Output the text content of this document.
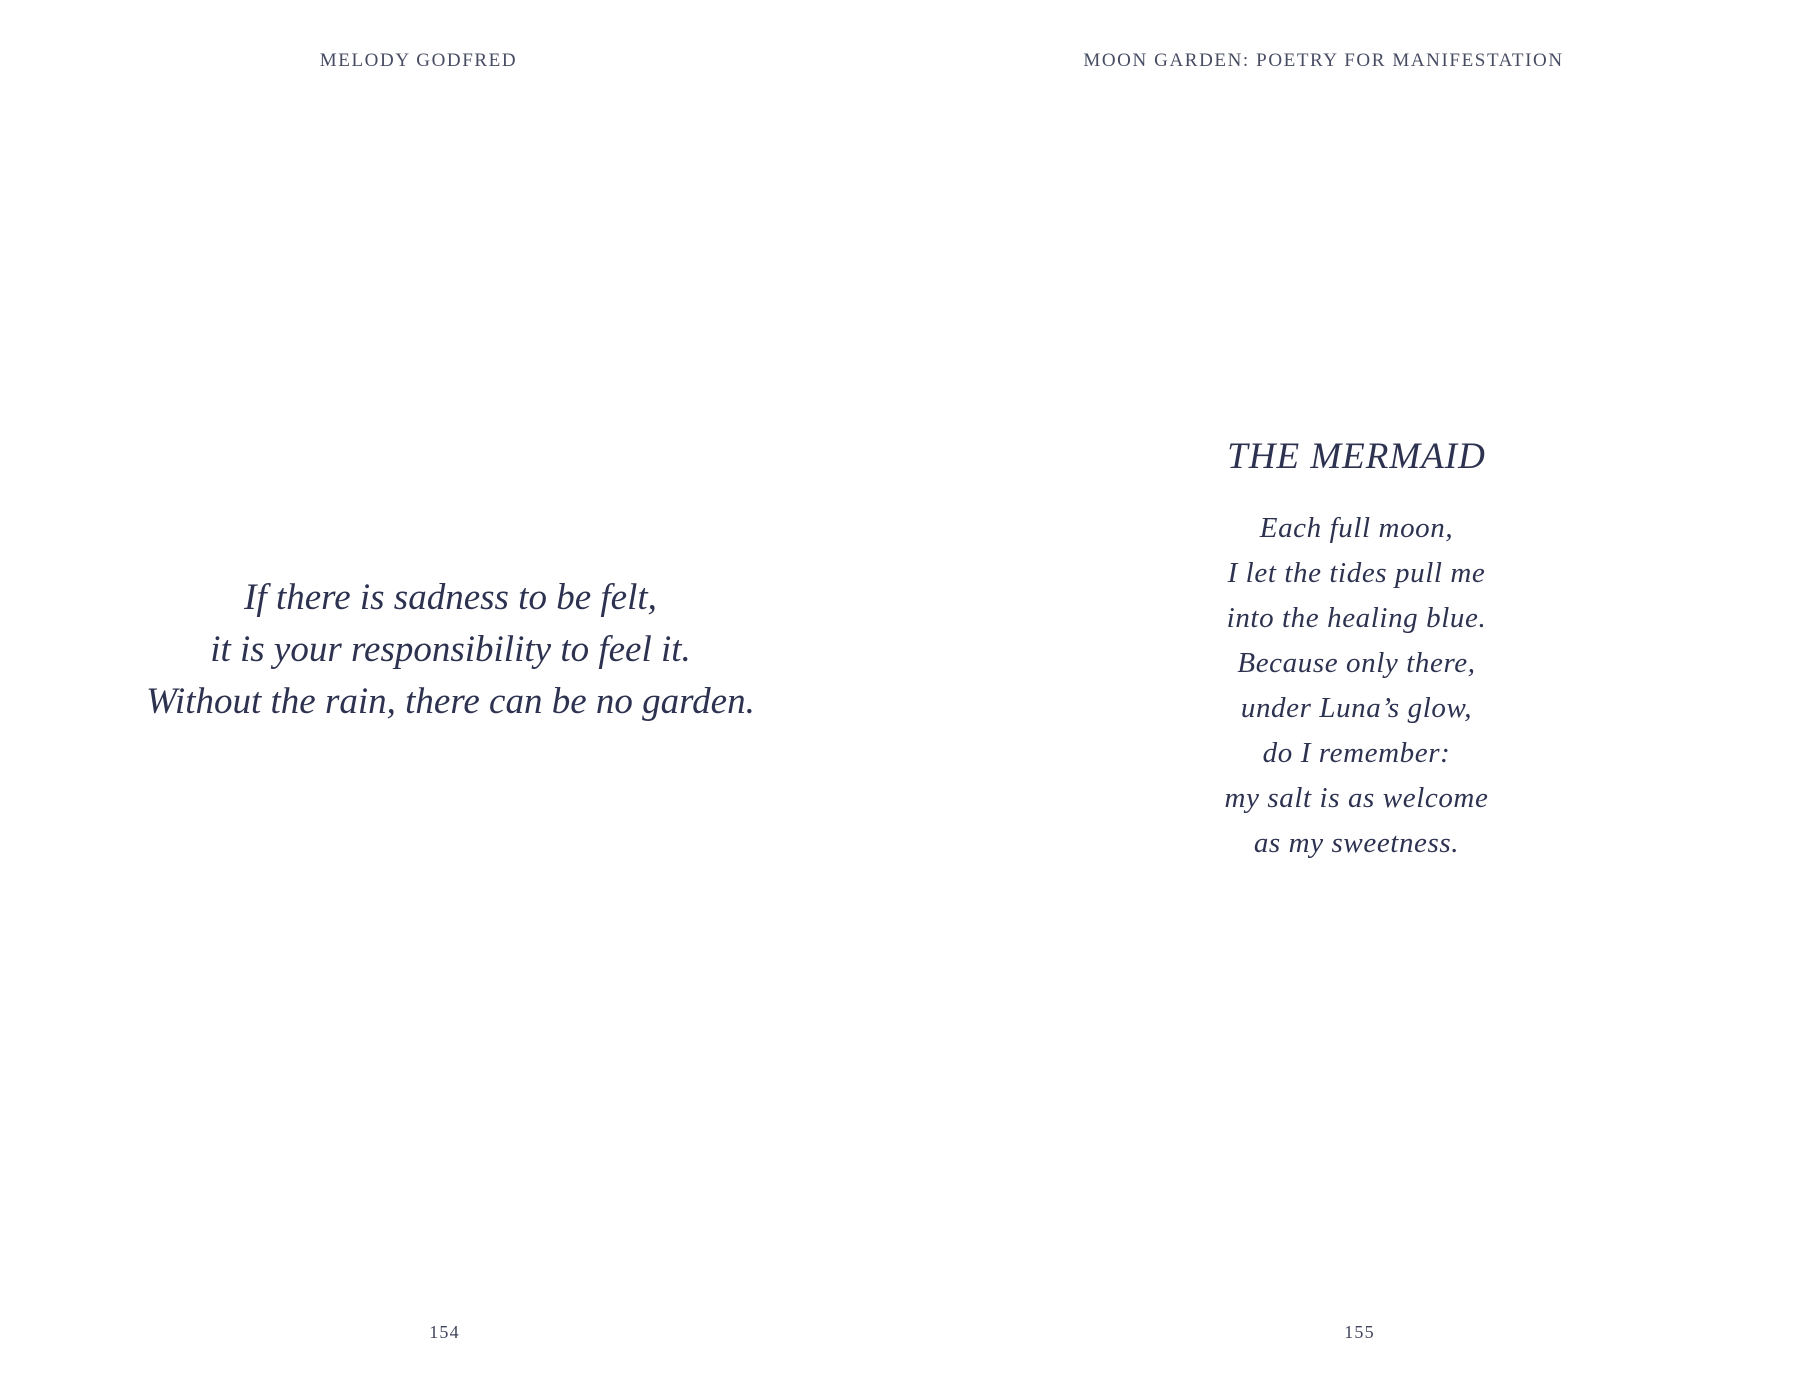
MELODY GODFRED
If there is sadness to be felt,
it is your responsibility to feel it.
Without the rain, there can be no garden.
154
MOON GARDEN: POETRY FOR MANIFESTATION
THE MERMAID
Each full moon,
I let the tides pull me
into the healing blue.
Because only there,
under Luna’s glow,
do I remember:
my salt is as welcome
as my sweetness.
155
